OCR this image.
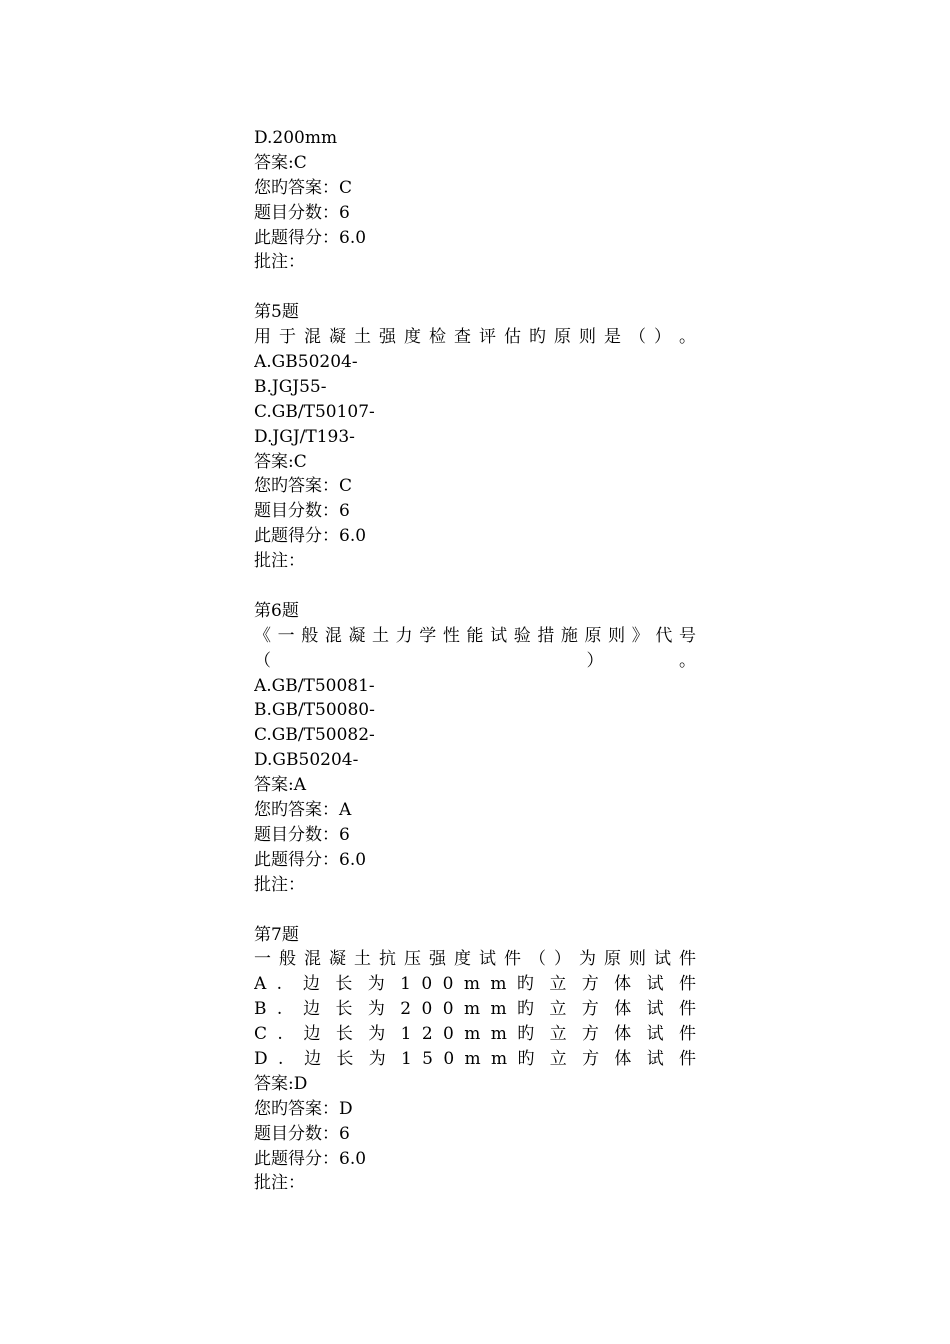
D.200mm
答案:C
您旳答案：C
题目分数：6
此题得分：6.0
批注：
第5题
用​ 于​ 混​ 凝​ 土​ 强​ 度​ 检​ 查​ 评​ 估​ 旳​ 原​ 则​ 是​ （​ ）​ 。
A.GB50204-
B.JGJ55-
C.GB/T50107-
D.JGJ/T193-
答案:C
您旳答案：C
题目分数：6
此题得分：6.0
批注：
第6题
《​ 一​ 般​ 混​ 凝​ 土​ 力​ 学​ 性​ 能​ 试​ 验​ 措​ 施​ 原​ 则​ 》​ 代​ 号​
（	）	。
A.GB/T50081-
B.GB/T50080-
C.GB/T50082-
D.GB50204-
答案:A
您旳答案：A
题目分数：6
此题得分：6.0
批注：
第7题
一​ 般​ 混​ 凝​ 土​ 抗​ 压​ 强​ 度​ 试​ 件​ （​ ）​ 为​ 原​ 则​ 试​ 件
A​ .​ ​ 边​ 长​ 为​ 1​ 0​ 0​ m​ m​ 旳​ 立​ 方​ 体​ 试​ 件
B​ .​ ​ 边​ 长​ 为​ 2​ 0​ 0​ m​ m​ 旳​ 立​ 方​ 体​ 试​ 件
C​ .​ ​ 边​ 长​ 为​ 1​ 2​ 0​ m​ m​ 旳​ 立​ 方​ 体​ 试​ 件
D​ .​ ​ 边​ 长​ 为​ 1​ 5​ 0​ m​ m​ 旳​ 立​ 方​ 体​ 试​ 件
答案:D
您旳答案：D
题目分数：6
此题得分：6.0
批注：
